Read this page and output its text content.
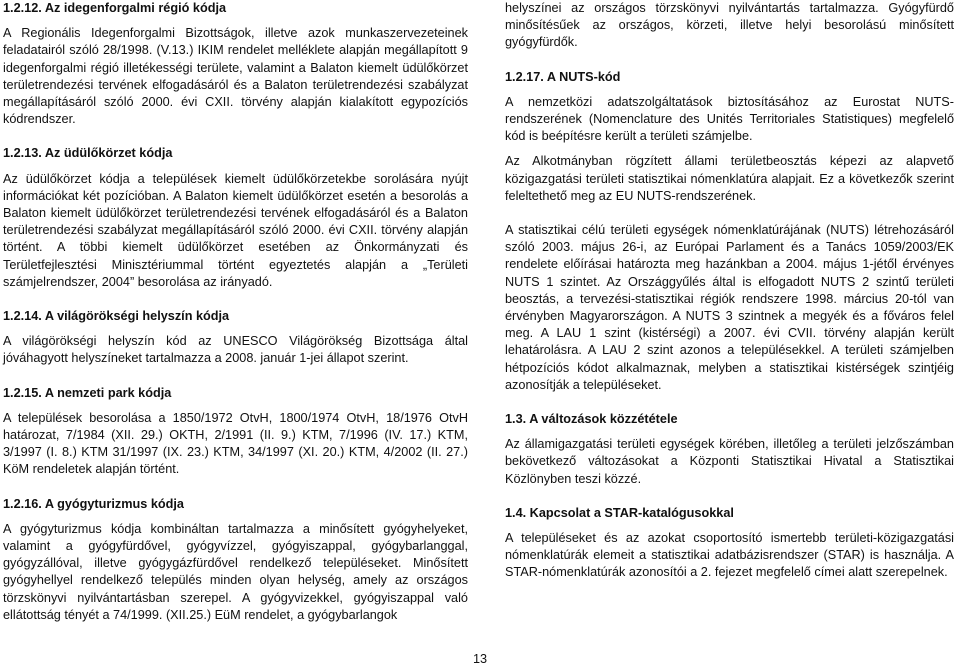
1.2.12. Az idegenforgalmi régió kódja
A Regionális Idegenforgalmi Bizottságok, illetve azok munkaszervezeteinek feladatairól szóló 28/1998. (V.13.) IKIM rendelet melléklete alapján megállapított 9 idegenforgalmi régió illetékességi területe, valamint a Balaton kiemelt üdülőkörzet területrendezési tervének elfogadásáról és a Balaton területrendezési szabályzat megállapításáról szóló 2000. évi CXII. törvény alapján kialakított egypozíciós kódrendszer.
1.2.13. Az üdülőkörzet kódja
Az üdülőkörzet kódja a települések kiemelt üdülőkörzetekbe sorolására nyújt információkat két pozícióban. A Balaton kiemelt üdülőkörzet esetén a besorolás a Balaton kiemelt üdülőkörzet területrendezési tervének elfogadásáról és a Balaton területrendezési szabályzat megállapításáról szóló 2000. évi CXII. törvény alapján történt. A többi kiemelt üdülőkörzet esetében az Önkormányzati és Területfejlesztési Minisztériummal történt egyeztetés alapján a „Területi számjelrendszer, 2004” besorolása az irányadó.
1.2.14. A világörökségi helyszín kódja
A világörökségi helyszín kód az UNESCO Világörökség Bizottsága által jóváhagyott helyszíneket tartalmazza a 2008. január 1-jei állapot szerint.
1.2.15. A nemzeti park kódja
A települések besorolása a 1850/1972 OtvH, 1800/1974 OtvH, 18/1976 OtvH határozat, 7/1984 (XII. 29.) OKTH, 2/1991 (II. 9.) KTM, 7/1996 (IV. 17.) KTM, 3/1997 (I. 8.) KTM 31/1997 (IX. 23.) KTM, 34/1997 (XI. 20.) KTM, 4/2002 (II. 27.) KöM rendeletek alapján történt.
1.2.16. A gyógyturizmus kódja
A gyógyturizmus kódja kombináltan tartalmazza a minősített gyógyhelyeket, valamint a gyógyfürdővel, gyógyvízzel, gyógyiszappal, gyógybarlanggal, gyógyzállóval, illetve gyógygázfürdővel rendelkező településeket. Minősített gyógyhellyel rendelkező település minden olyan helység, amely az országos törzskönyvi nyilvántartásban szerepel. A gyógyvizekkel, gyógyiszappal való ellátottság tényét a 74/1999. (XII.25.) EüM rendelet, a gyógybarlangok
helyszínei az országos törzskönyvi nyilvántartás tartalmazza. Gyógyfürdő minősítésűek az országos, körzeti, illetve helyi besorolású minősített gyógyfürdők.
1.2.17. A NUTS-kód
A nemzetközi adatszolgáltatások biztosításához az Eurostat NUTS-rendszerének (Nomenclature des Unités Territoriales Statistiques) megfelelő kód is beépítésre került a területi számjelbe.
Az Alkotmányban rögzített állami területbeosztás képezi az alapvető közigazgatási területi statisztikai nómenklatúra alapjait. Ez a következők szerint feleltethető meg az EU NUTS-rendszerének.
A statisztikai célú területi egységek nómenklatúrájának (NUTS) létrehozásáról szóló 2003. május 26-i, az Európai Parlament és a Tanács 1059/2003/EK rendelete előírásai határozta meg hazánkban a 2004. május 1-jétől érvényes NUTS 1 szintet. Az Országgyűlés által is elfogadott NUTS 2 szintű területi beosztás, a tervezési-statisztikai régiók rendszere 1998. március 20-tól van érvényben Magyarországon. A NUTS 3 szintnek a megyék és a főváros felel meg. A LAU 1 szint (kistérségi) a 2007. évi CVII. törvény alapján került lehatárolásra. A LAU 2 szint azonos a településekkel. A területi számjelben hétpozíciós kódot alkalmaznak, melyben a statisztikai kistérségek szintjéig azonosítják a településeket.
1.3. A változások közzététele
Az államigazgatási területi egységek körében, illetőleg a területi jelzőszámban bekövetkező változásokat a Központi Statisztikai Hivatal a Statisztikai Közlönyben teszi közzé.
1.4. Kapcsolat a STAR-katalógusokkal
A településeket és az azokat csoportosító ismertebb területi-közigazgatási nómenklatúrák elemeit a statisztikai adatbázisrendszer (STAR) is használja. A STAR-nómenklatúrák azonosítói a 2. fejezet megfelelő címei alatt szerepelnek.
13
